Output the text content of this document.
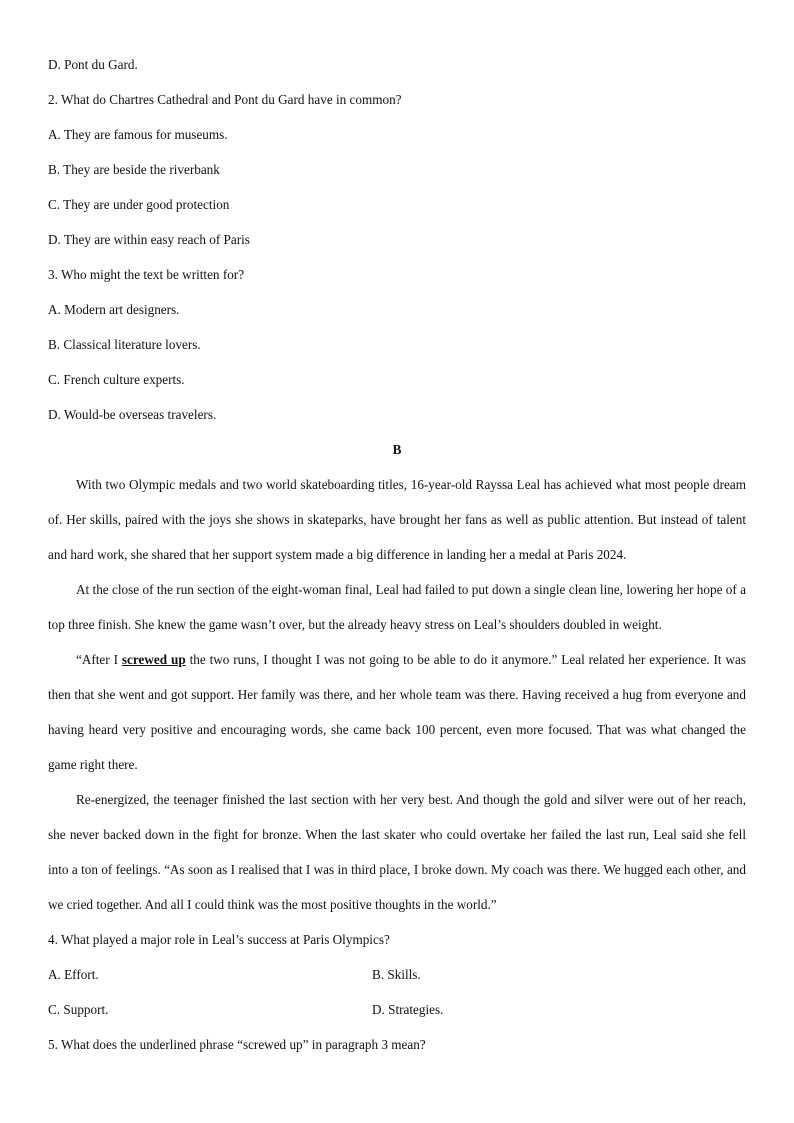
D. Pont du Gard.
2. What do Chartres Cathedral and Pont du Gard have in common?
A. They are famous for museums.
B. They are beside the riverbank
C. They are under good protection
D. They are within easy reach of Paris
3. Who might the text be written for?
A. Modern art designers.
B. Classical literature lovers.
C. French culture experts.
D. Would-be overseas travelers.
B

With two Olympic medals and two world skateboarding titles, 16-year-old Rayssa Leal has achieved what most people dream of. Her skills, paired with the joys she shows in skateparks, have brought her fans as well as public attention. But instead of talent and hard work, she shared that her support system made a big difference in landing her a medal at Paris 2024.

At the close of the run section of the eight-woman final, Leal had failed to put down a single clean line, lowering her hope of a top three finish. She knew the game wasn’t over, but the already heavy stress on Leal’s shoulders doubled in weight.

“After I screwed up the two runs, I thought I was not going to be able to do it anymore.” Leal related her experience. It was then that she went and got support. Her family was there, and her whole team was there. Having received a hug from everyone and having heard very positive and encouraging words, she came back 100 percent, even more focused. That was what changed the game right there.

Re-energized, the teenager finished the last section with her very best. And though the gold and silver were out of her reach, she never backed down in the fight for bronze. When the last skater who could overtake her failed the last run, Leal said she fell into a ton of feelings. “As soon as I realised that I was in third place, I broke down. My coach was there. We hugged each other, and we cried together. And all I could think was the most positive thoughts in the world.”

4. What played a major role in Leal’s success at Paris Olympics?
A. Effort.	B. Skills.
C. Support.	D. Strategies.
5. What does the underlined phrase “screwed up” in paragraph 3 mean?
